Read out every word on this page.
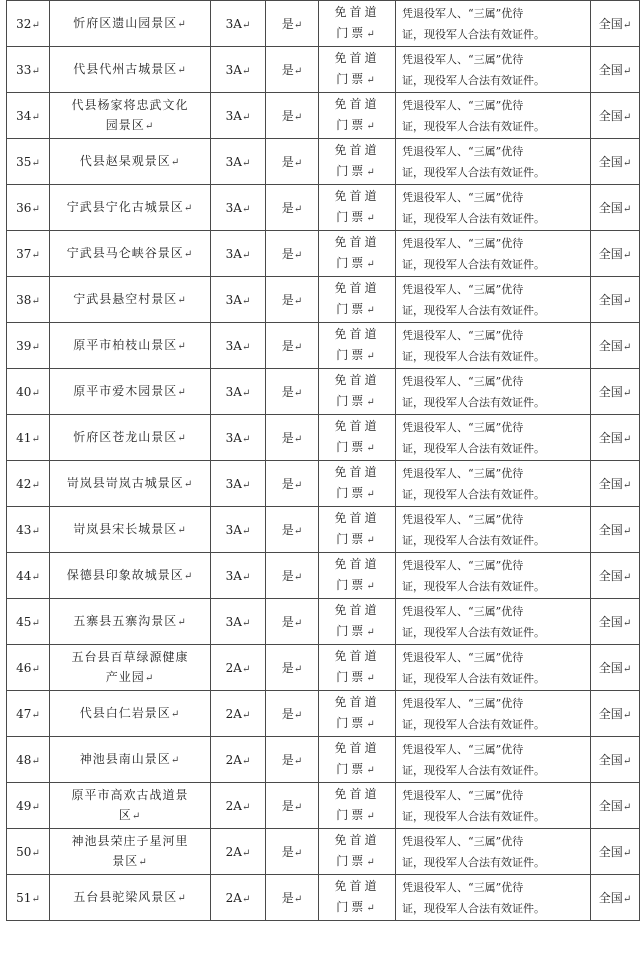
32↵	忻府区遗山园景区↵	3A↵	是↵	免首道
门票↵	凭退役军人、“三属”优待
证，现役军人合法有效证件。	全国↵
33↵	代县代州古城景区↵	3A↵	是↵	免首道
门票↵	凭退役军人、“三属”优待
证，现役军人合法有效证件。	全国↵
34↵	代县杨家将忠武文化
园景区↵	3A↵	是↵	免首道
门票↵	凭退役军人、“三属”优待
证，现役军人合法有效证件。	全国↵
35↵	代县赵杲观景区↵	3A↵	是↵	免首道
门票↵	凭退役军人、“三属”优待
证，现役军人合法有效证件。	全国↵
36↵	宁武县宁化古城景区↵	3A↵	是↵	免首道
门票↵	凭退役军人、“三属”优待
证，现役军人合法有效证件。	全国↵
37↵	宁武县马仑峡谷景区↵	3A↵	是↵	免首道
门票↵	凭退役军人、“三属”优待
证，现役军人合法有效证件。	全国↵
38↵	宁武县悬空村景区↵	3A↵	是↵	免首道
门票↵	凭退役军人、“三属”优待
证，现役军人合法有效证件。	全国↵
39↵	原平市柏枝山景区↵	3A↵	是↵	免首道
门票↵	凭退役军人、“三属”优待
证，现役军人合法有效证件。	全国↵
40↵	原平市爱木园景区↵	3A↵	是↵	免首道
门票↵	凭退役军人、“三属”优待
证，现役军人合法有效证件。	全国↵
41↵	忻府区苍龙山景区↵	3A↵	是↵	免首道
门票↵	凭退役军人、“三属”优待
证，现役军人合法有效证件。	全国↵
42↵	岢岚县岢岚古城景区↵	3A↵	是↵	免首道
门票↵	凭退役军人、“三属”优待
证，现役军人合法有效证件。	全国↵
43↵	岢岚县宋长城景区↵	3A↵	是↵	免首道
门票↵	凭退役军人、“三属”优待
证，现役军人合法有效证件。	全国↵
44↵	保德县印象故城景区↵	3A↵	是↵	免首道
门票↵	凭退役军人、“三属”优待
证，现役军人合法有效证件。	全国↵
45↵	五寨县五寨沟景区↵	3A↵	是↵	免首道
门票↵	凭退役军人、“三属”优待
证，现役军人合法有效证件。	全国↵
46↵	五台县百草绿源健康
产业园↵	2A↵	是↵	免首道
门票↵	凭退役军人、“三属”优待
证，现役军人合法有效证件。	全国↵
47↵	代县白仁岩景区↵	2A↵	是↵	免首道
门票↵	凭退役军人、“三属”优待
证，现役军人合法有效证件。	全国↵
48↵	神池县南山景区↵	2A↵	是↵	免首道
门票↵	凭退役军人、“三属”优待
证，现役军人合法有效证件。	全国↵
49↵	原平市高欢古战道景
区↵	2A↵	是↵	免首道
门票↵	凭退役军人、“三属”优待
证，现役军人合法有效证件。	全国↵
50↵	神池县荣庄子星河里
景区↵	2A↵	是↵	免首道
门票↵	凭退役军人、“三属”优待
证，现役军人合法有效证件。	全国↵
51↵	五台县驼梁风景区↵	2A↵	是↵	免首道
门票↵	凭退役军人、“三属”优待
证，现役军人合法有效证件。	全国↵
